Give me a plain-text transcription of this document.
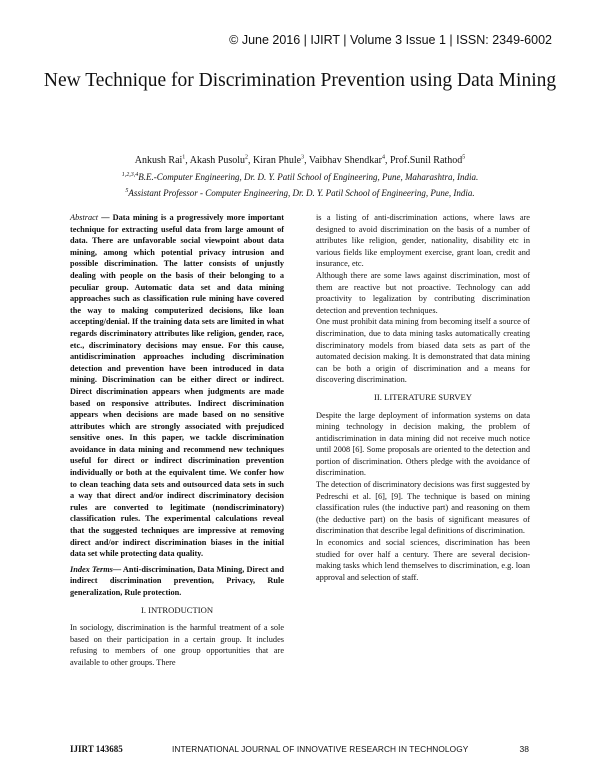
© June 2016 | IJIRT | Volume 3 Issue 1 | ISSN: 2349-6002
New Technique for Discrimination Prevention using Data Mining
Ankush Rai$^1$, Akash Pusolu$^2$, Kiran Phule$^3$, Vaibhav Shendkar$^4$, Prof.Sunil Rathod$^5$
$^{1,2,3,4}$B.E.-Computer Engineering, Dr. D. Y. Patil School of Engineering, Pune, Maharashtra, India.
$^5$Assistant Professor - Computer Engineering, Dr. D. Y. Patil School of Engineering, Pune, India.

Abstract — Data mining is a progressively more important technique for extracting useful data from large amount of data. There are unfavorable social viewpoint about data mining, among which potential privacy intrusion and possible discrimination. The latter consists of unjustly dealing with people on the basis of their belonging to a peculiar group. Automatic data set and data mining approaches such as classification rule mining have covered the way to making computerized decisions, like loan accepting/denial. If the training data sets are limited in what regards discriminatory attributes like religion, gender, race, etc., discriminatory decisions may ensue. For this cause, antidiscrimination approaches including discrimination detection and prevention have been introduced in data mining. Discrimination can be either direct or indirect. Direct discrimination appears when judgments are made based on responsive attributes. Indirect discrimination appears when decisions are made based on no sensitive attributes which are strongly associated with prejudiced sensitive ones. In this paper, we tackle discrimination avoidance in data mining and recommend new techniques useful for direct or indirect discrimination prevention individually or both at the equivalent time. We confer how to clean teaching data sets and outsourced data sets in such a way that direct and/or indirect discriminatory decision rules are converted to legitimate (nondiscriminatory) classification rules. The experimental calculations reveal that the suggested techniques are impressive at removing direct and/or indirect discrimination biases in the initial data set while protecting data quality.

Index Terms— Anti-discrimination, Data Mining, Direct and indirect discrimination prevention, Privacy, Rule generalization, Rule protection.

I. INTRODUCTION

In sociology, discrimination is the harmful treatment of a sole based on their participation in a certain group. It includes refusing to members of one group opportunities that are available to other groups. There

is a listing of anti-discrimination actions, where laws are designed to avoid discrimination on the basis of a number of attributes like religion, gender, nationality, disability etc in various fields like employment exercise, grant loan, credit and insurance, etc.

Although there are some laws against discrimination, most of them are reactive but not proactive. Technology can add proactivity to legalization by contributing discrimination detection and prevention techniques.

One must prohibit data mining from becoming itself a source of discrimination, due to data mining tasks automatically creating discriminatory models from biased data sets as part of the automated decision making. It is demonstrated that data mining can be both a origin of discrimination and a means for discovering discrimination.

II. LITERATURE SURVEY

Despite the large deployment of information systems on data mining technology in decision making, the problem of antidiscrimination in data mining did not receive much notice until 2008 [6]. Some proposals are oriented to the detection and portion of discrimination. Others pledge with the avoidance of discrimination.

The detection of discriminatory decisions was first suggested by Pedreschi et al. [6], [9]. The technique is based on mining classification rules (the inductive part) and reasoning on them (the deductive part) on the basis of significant measures of discrimination that describe legal definitions of discrimination.

In economics and social sciences, discrimination has been studied for over half a century. There are several decision-making tasks which lend themselves to discrimination, e.g. loan approval and selection of staff.

IJIRT 143685	INTERNATIONAL JOURNAL OF INNOVATIVE RESEARCH IN TECHNOLOGY	38
